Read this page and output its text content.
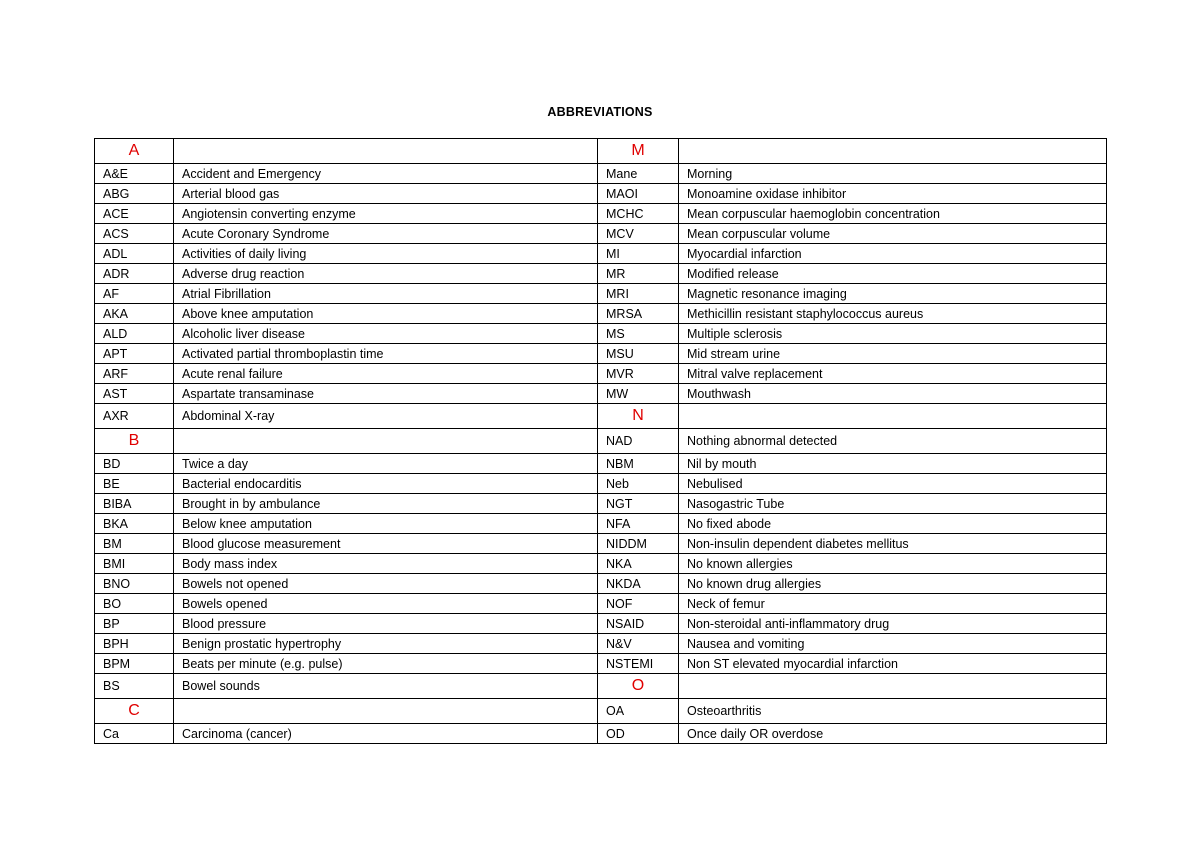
ABBREVIATIONS
A		M	
A&E	Accident and Emergency	Mane	Morning
ABG	Arterial blood gas	MAOI	Monoamine oxidase inhibitor
ACE	Angiotensin converting enzyme	MCHC	Mean corpuscular haemoglobin concentration
ACS	Acute Coronary Syndrome	MCV	Mean corpuscular volume
ADL	Activities of daily living	MI	Myocardial infarction
ADR	Adverse drug reaction	MR	Modified release
AF	Atrial Fibrillation	MRI	Magnetic resonance imaging
AKA	Above knee amputation	MRSA	Methicillin resistant staphylococcus aureus
ALD	Alcoholic liver disease	MS	Multiple sclerosis
APT	Activated partial thromboplastin time	MSU	Mid stream urine
ARF	Acute renal failure	MVR	Mitral valve replacement
AST	Aspartate transaminase	MW	Mouthwash
AXR	Abdominal X-ray	N	
B		NAD	Nothing abnormal detected
BD	Twice a day	NBM	Nil by mouth
BE	Bacterial endocarditis	Neb	Nebulised
BIBA	Brought in by ambulance	NGT	Nasogastric Tube
BKA	Below knee amputation	NFA	No fixed abode
BM	Blood glucose measurement	NIDDM	Non-insulin dependent diabetes mellitus
BMI	Body mass index	NKA	No known allergies
BNO	Bowels not opened	NKDA	No known drug allergies
BO	Bowels opened	NOF	Neck of femur
BP	Blood pressure	NSAID	Non-steroidal anti-inflammatory drug
BPH	Benign prostatic hypertrophy	N&V	Nausea and vomiting
BPM	Beats per minute (e.g. pulse)	NSTEMI	Non ST elevated myocardial infarction
BS	Bowel sounds	O	
C		OA	Osteoarthritis
Ca	Carcinoma (cancer)	OD	Once daily OR overdose
